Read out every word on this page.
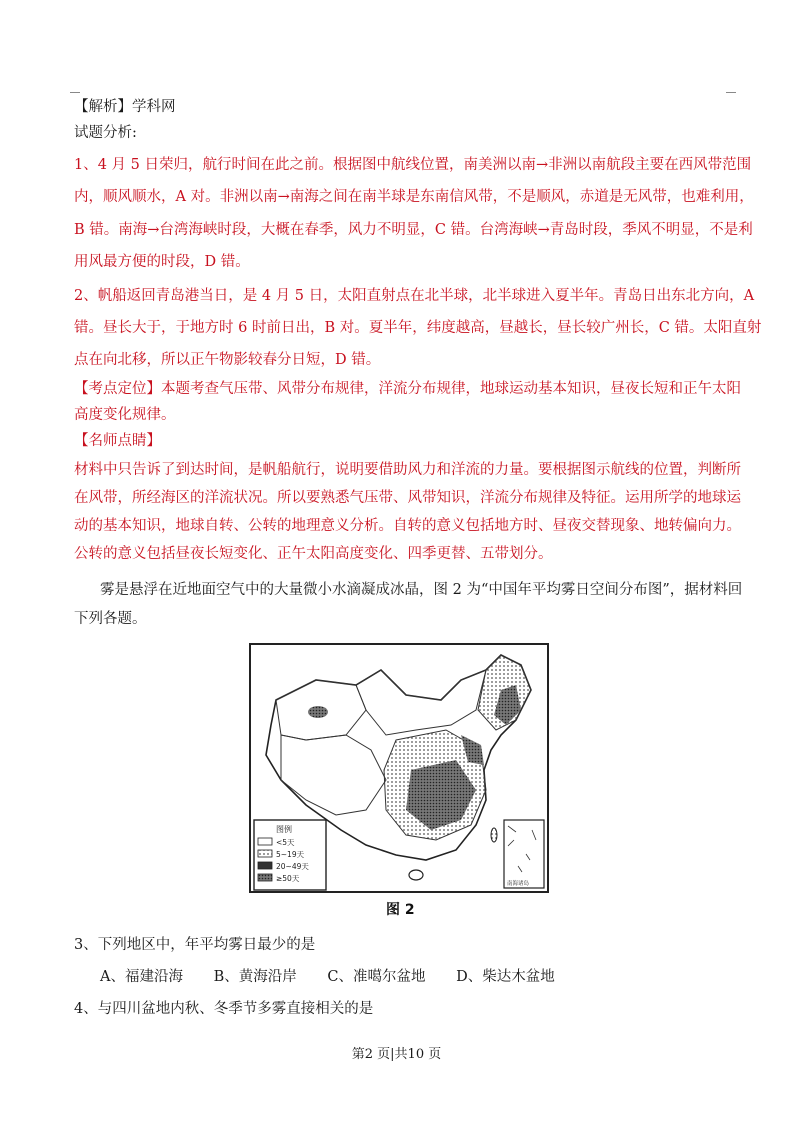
【解析】学科网
试题分析:
1、4 月 5 日荣归，航行时间在此之前。根据图中航线位置，南美洲以南→非洲以南航段主要在西风带范围
内，顺风顺水，A 对。非洲以南→南海之间在南半球是东南信风带，不是顺风，赤道是无风带，也难利用，
B 错。南海→台湾海峡时段，大概在春季，风力不明显，C 错。台湾海峡→青岛时段，季风不明显，不是利
用风最方便的时段，D 错。
2、帆船返回青岛港当日，是 4 月 5 日，太阳直射点在北半球，北半球进入夏半年。青岛日出东北方向，A
错。昼长大于，于地方时 6 时前日出，B 对。夏半年，纬度越高，昼越长，昼长较广州长，C 错。太阳直射
点在向北移，所以正午物影较春分日短，D 错。
【考点定位】本题考查气压带、风带分布规律，洋流分布规律，地球运动基本知识，昼夜长短和正午太阳
高度变化规律。
【名师点睛】
材料中只告诉了到达时间，是帆船航行，说明要借助风力和洋流的力量。要根据图示航线的位置，判断所
在风带，所经海区的洋流状况。所以要熟悉气压带、风带知识，洋流分布规律及特征。运用所学的地球运
动的基本知识，地球自转、公转的地理意义分析。自转的意义包括地方时、昼夜交替现象、地转偏向力。
公转的意义包括昼夜长短变化、正午太阳高度变化、四季更替、五带划分。
雾是悬浮在近地面空气中的大量微小水滴凝成冰晶，图 2 为“中国年平均雾日空间分布图”，据材料回
下列各题。
图例
<5天
5~19天
20~49天
≥50天
南海诸岛
图 2
3、下列地区中，年平均雾日最少的是
A、福建沿海 B、黄海沿岸 C、准噶尔盆地 D、柴达木盆地
4、与四川盆地内秋、冬季节多雾直接相关的是
第2 页|共10 页
